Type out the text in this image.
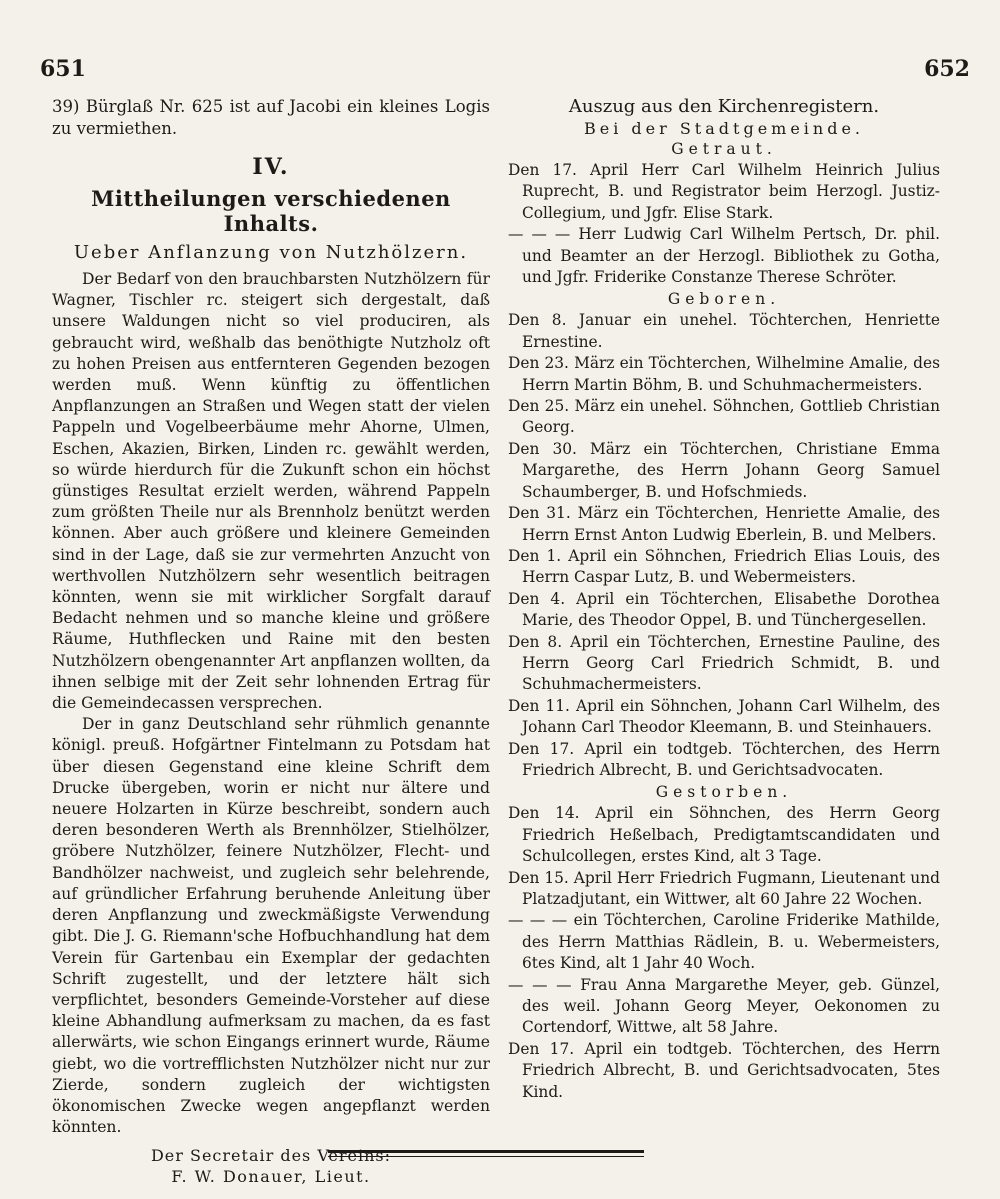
651	652

39) Bürglaß Nr. 625 ist auf Jacobi ein kleines Logis zu vermiethen.

IV.
Mittheilungen verschiedenen Inhalts.
Ueber Anflanzung von Nutzhölzern.

Der Bedarf von den brauchbarsten Nutzhölzern für Wagner, Tischler rc. steigert sich dergestalt, daß unsere Waldungen nicht so viel produciren, als gebraucht wird, weßhalb das benöthigte Nutzholz oft zu hohen Preisen aus entfernteren Gegenden bezogen werden muß. Wenn künftig zu öffentlichen Anpflanzungen an Straßen und Wegen statt der vielen Pappeln und Vogelbeerbäume mehr Ahorne, Ulmen, Eschen, Akazien, Birken, Linden rc. gewählt werden, so würde hierdurch für die Zukunft schon ein höchst günstiges Resultat erzielt werden, während Pappeln zum größten Theile nur als Brennholz benützt werden können. Aber auch größere und kleinere Gemeinden sind in der Lage, daß sie zur vermehrten Anzucht von werthvollen Nutzhölzern sehr wesentlich beitragen könnten, wenn sie mit wirklicher Sorgfalt darauf Bedacht nehmen und so manche kleine und größere Räume, Huthflecken und Raine mit den besten Nutzhölzern obengenannter Art anpflanzen wollten, da ihnen selbige mit der Zeit sehr lohnenden Ertrag für die Gemeindecassen versprechen.

Der in ganz Deutschland sehr rühmlich genannte königl. preuß. Hofgärtner Fintelmann zu Potsdam hat über diesen Gegenstand eine kleine Schrift dem Drucke übergeben, worin er nicht nur ältere und neuere Holzarten in Kürze beschreibt, sondern auch deren besonderen Werth als Brennhölzer, Stielhölzer, gröbere Nutzhölzer, feinere Nutzhölzer, Flecht- und Bandhölzer nachweist, und zugleich sehr belehrende, auf gründlicher Erfahrung beruhende Anleitung über deren Anpflanzung und zweckmäßigste Verwendung gibt. Die J. G. Riemann'sche Hofbuchhandlung hat dem Verein für Gartenbau ein Exemplar der gedachten Schrift zugestellt, und der letztere hält sich verpflichtet, besonders Gemeinde-Vorsteher auf diese kleine Abhandlung aufmerksam zu machen, da es fast allerwärts, wie schon Eingangs erinnert wurde, Räume giebt, wo die vortrefflichsten Nutzhölzer nicht nur zur Zierde, sondern zugleich der wichtigsten ökonomischen Zwecke wegen angepflanzt werden könnten.

Der Secretair des Vereins:
F. W. Donauer, Lieut.
Auszug aus den Kirchenregistern.
Bei der Stadtgemeinde.
Getraut.

Den 17. April Herr Carl Wilhelm Heinrich Julius Ruprecht, B. und Registrator beim Herzogl. Justiz-Collegium, und Jgfr. Elise Stark.

— — — Herr Ludwig Carl Wilhelm Pertsch, Dr. phil. und Beamter an der Herzogl. Bibliothek zu Gotha, und Jgfr. Friderike Constanze Therese Schröter.

Geboren.

Den 8. Januar ein unehel. Töchterchen, Henriette Ernestine.

Den 23. März ein Töchterchen, Wilhelmine Amalie, des Herrn Martin Böhm, B. und Schuhmachermeisters.

Den 25. März ein unehel. Söhnchen, Gottlieb Christian Georg.

Den 30. März ein Töchterchen, Christiane Emma Margarethe, des Herrn Johann Georg Samuel Schaumberger, B. und Hofschmieds.

Den 31. März ein Töchterchen, Henriette Amalie, des Herrn Ernst Anton Ludwig Eberlein, B. und Melbers.

Den 1. April ein Söhnchen, Friedrich Elias Louis, des Herrn Caspar Lutz, B. und Webermeisters.

Den 4. April ein Töchterchen, Elisabethe Dorothea Marie, des Theodor Oppel, B. und Tünchergesellen.

Den 8. April ein Töchterchen, Ernestine Pauline, des Herrn Georg Carl Friedrich Schmidt, B. und Schuhmachermeisters.

Den 11. April ein Söhnchen, Johann Carl Wilhelm, des Johann Carl Theodor Kleemann, B. und Steinhauers.

Den 17. April ein todtgeb. Töchterchen, des Herrn Friedrich Albrecht, B. und Gerichtsadvocaten.

Gestorben.

Den 14. April ein Söhnchen, des Herrn Georg Friedrich Heßelbach, Predigtamtscandidaten und Schulcollegen, erstes Kind, alt 3 Tage.

Den 15. April Herr Friedrich Fugmann, Lieutenant und Platzadjutant, ein Wittwer, alt 60 Jahre 22 Wochen.

— — — ein Töchterchen, Caroline Friderike Mathilde, des Herrn Matthias Rädlein, B. u. Webermeisters, 6tes Kind, alt 1 Jahr 40 Woch.

— — — Frau Anna Margarethe Meyer, geb. Günzel, des weil. Johann Georg Meyer, Oekonomen zu Cortendorf, Wittwe, alt 58 Jahre.

Den 17. April ein todtgeb. Töchterchen, des Herrn Friedrich Albrecht, B. und Gerichtsadvocaten, 5tes Kind.
